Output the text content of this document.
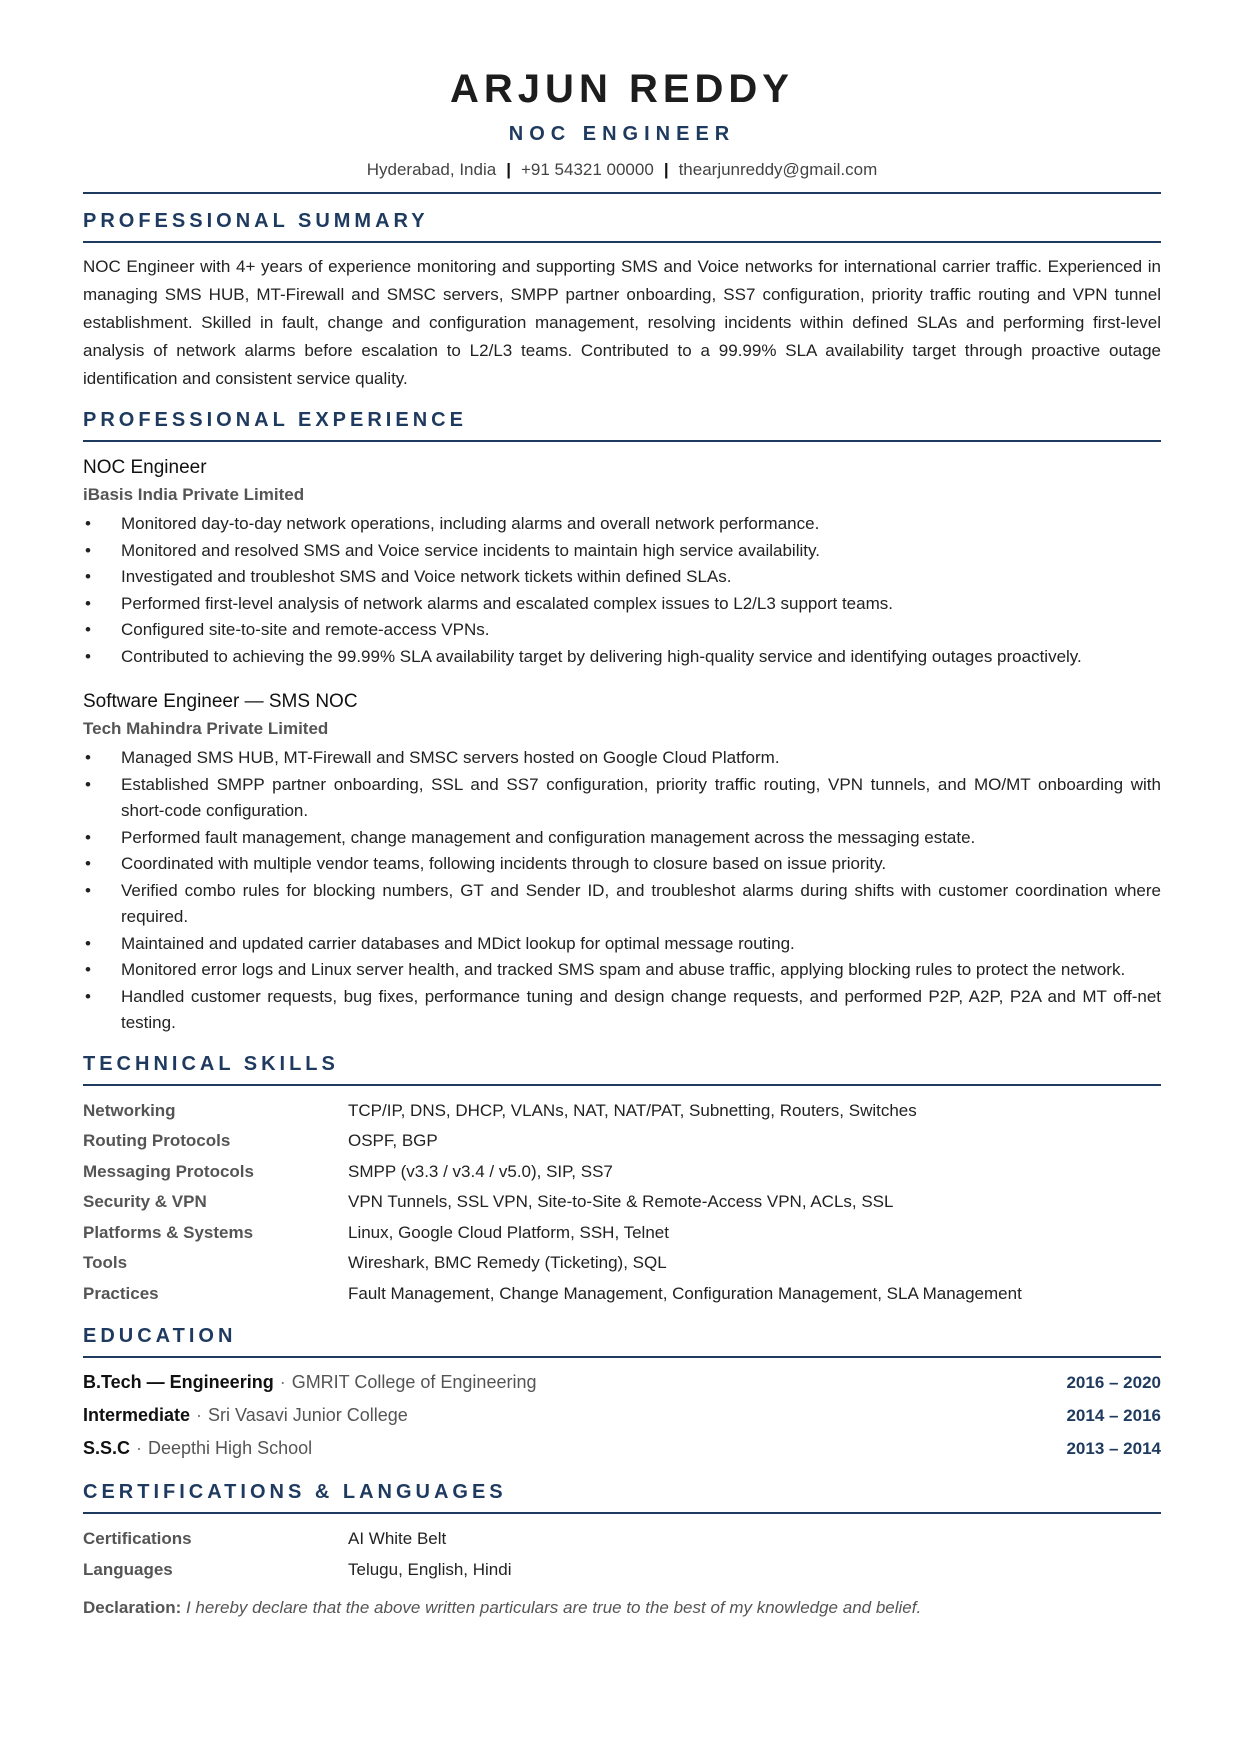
ARJUN REDDY
NOC ENGINEER
Hyderabad, India | +91 54321 00000 | thearjunreddy@gmail.com
PROFESSIONAL SUMMARY
NOC Engineer with 4+ years of experience monitoring and supporting SMS and Voice networks for international carrier traffic. Experienced in managing SMS HUB, MT-Firewall and SMSC servers, SMPP partner onboarding, SS7 configuration, priority traffic routing and VPN tunnel establishment. Skilled in fault, change and configuration management, resolving incidents within defined SLAs and performing first-level analysis of network alarms before escalation to L2/L3 teams. Contributed to a 99.99% SLA availability target through proactive outage identification and consistent service quality.
PROFESSIONAL EXPERIENCE
NOC Engineer
iBasis India Private Limited
• Monitored day-to-day network operations, including alarms and overall network performance.
• Monitored and resolved SMS and Voice service incidents to maintain high service availability.
• Investigated and troubleshot SMS and Voice network tickets within defined SLAs.
• Performed first-level analysis of network alarms and escalated complex issues to L2/L3 support teams.
• Configured site-to-site and remote-access VPNs.
• Contributed to achieving the 99.99% SLA availability target by delivering high-quality service and identifying outages proactively.
Software Engineer — SMS NOC
Tech Mahindra Private Limited
• Managed SMS HUB, MT-Firewall and SMSC servers hosted on Google Cloud Platform.
• Established SMPP partner onboarding, SSL and SS7 configuration, priority traffic routing, VPN tunnels, and MO/MT onboarding with short-code configuration.
• Performed fault management, change management and configuration management across the messaging estate.
• Coordinated with multiple vendor teams, following incidents through to closure based on issue priority.
• Verified combo rules for blocking numbers, GT and Sender ID, and troubleshot alarms during shifts with customer coordination where required.
• Maintained and updated carrier databases and MDict lookup for optimal message routing.
• Monitored error logs and Linux server health, and tracked SMS spam and abuse traffic, applying blocking rules to protect the network.
• Handled customer requests, bug fixes, performance tuning and design change requests, and performed P2P, A2P, P2A and MT off-net testing.
TECHNICAL SKILLS
Networking	TCP/IP, DNS, DHCP, VLANs, NAT, NAT/PAT, Subnetting, Routers, Switches
Routing Protocols	OSPF, BGP
Messaging Protocols	SMPP (v3.3 / v3.4 / v5.0), SIP, SS7
Security & VPN	VPN Tunnels, SSL VPN, Site-to-Site & Remote-Access VPN, ACLs, SSL
Platforms & Systems	Linux, Google Cloud Platform, SSH, Telnet
Tools	Wireshark, BMC Remedy (Ticketing), SQL
Practices	Fault Management, Change Management, Configuration Management, SLA Management
EDUCATION
B.Tech — Engineering · GMRIT College of Engineering	2016 – 2020
Intermediate · Sri Vasavi Junior College	2014 – 2016
S.S.C · Deepthi High School	2013 – 2014
CERTIFICATIONS & LANGUAGES
Certifications	AI White Belt
Languages	Telugu, English, Hindi
Declaration: I hereby declare that the above written particulars are true to the best of my knowledge and belief.
